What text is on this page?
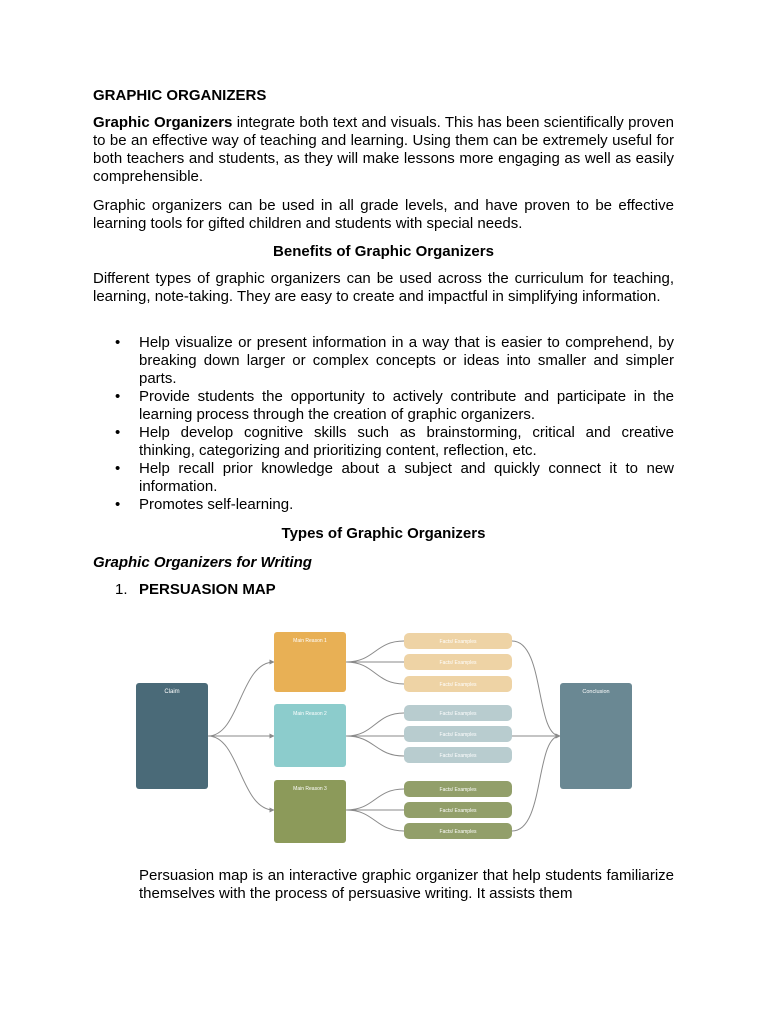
GRAPHIC ORGANIZERS

Graphic Organizers integrate both text and visuals. This has been scientifically proven to be an effective way of teaching and learning. Using them can be extremely useful for both teachers and students, as they will make lessons more engaging as well as easily comprehensible.

Graphic organizers can be used in all grade levels, and have proven to be effective learning tools for gifted children and students with special needs.

Benefits of Graphic Organizers

Different types of graphic organizers can be used across the curriculum for teaching, learning, note-taking. They are easy to create and impactful in simplifying information.

• Help visualize or present information in a way that is easier to comprehend, by breaking down larger or complex concepts or ideas into smaller and simpler parts.
• Provide students the opportunity to actively contribute and participate in the learning process through the creation of graphic organizers.
• Help develop cognitive skills such as brainstorming, critical and creative thinking, categorizing and prioritizing content, reflection, etc.
• Help recall prior knowledge about a subject and quickly connect it to new information.
• Promotes self-learning.

Types of Graphic Organizers

Graphic Organizers for Writing

1. PERSUASION MAP

Persuasion map is an interactive graphic organizer that help students familiarize themselves with the process of persuasive writing. It assists them

Claim
Main Reason 1
Main Reason 2
Main Reason 3
Facts/ Examples
Facts/ Examples
Facts/ Examples
Facts/ Examples
Facts/ Examples
Facts/ Examples
Facts/ Examples
Facts/ Examples
Facts/ Examples
Conclusion
